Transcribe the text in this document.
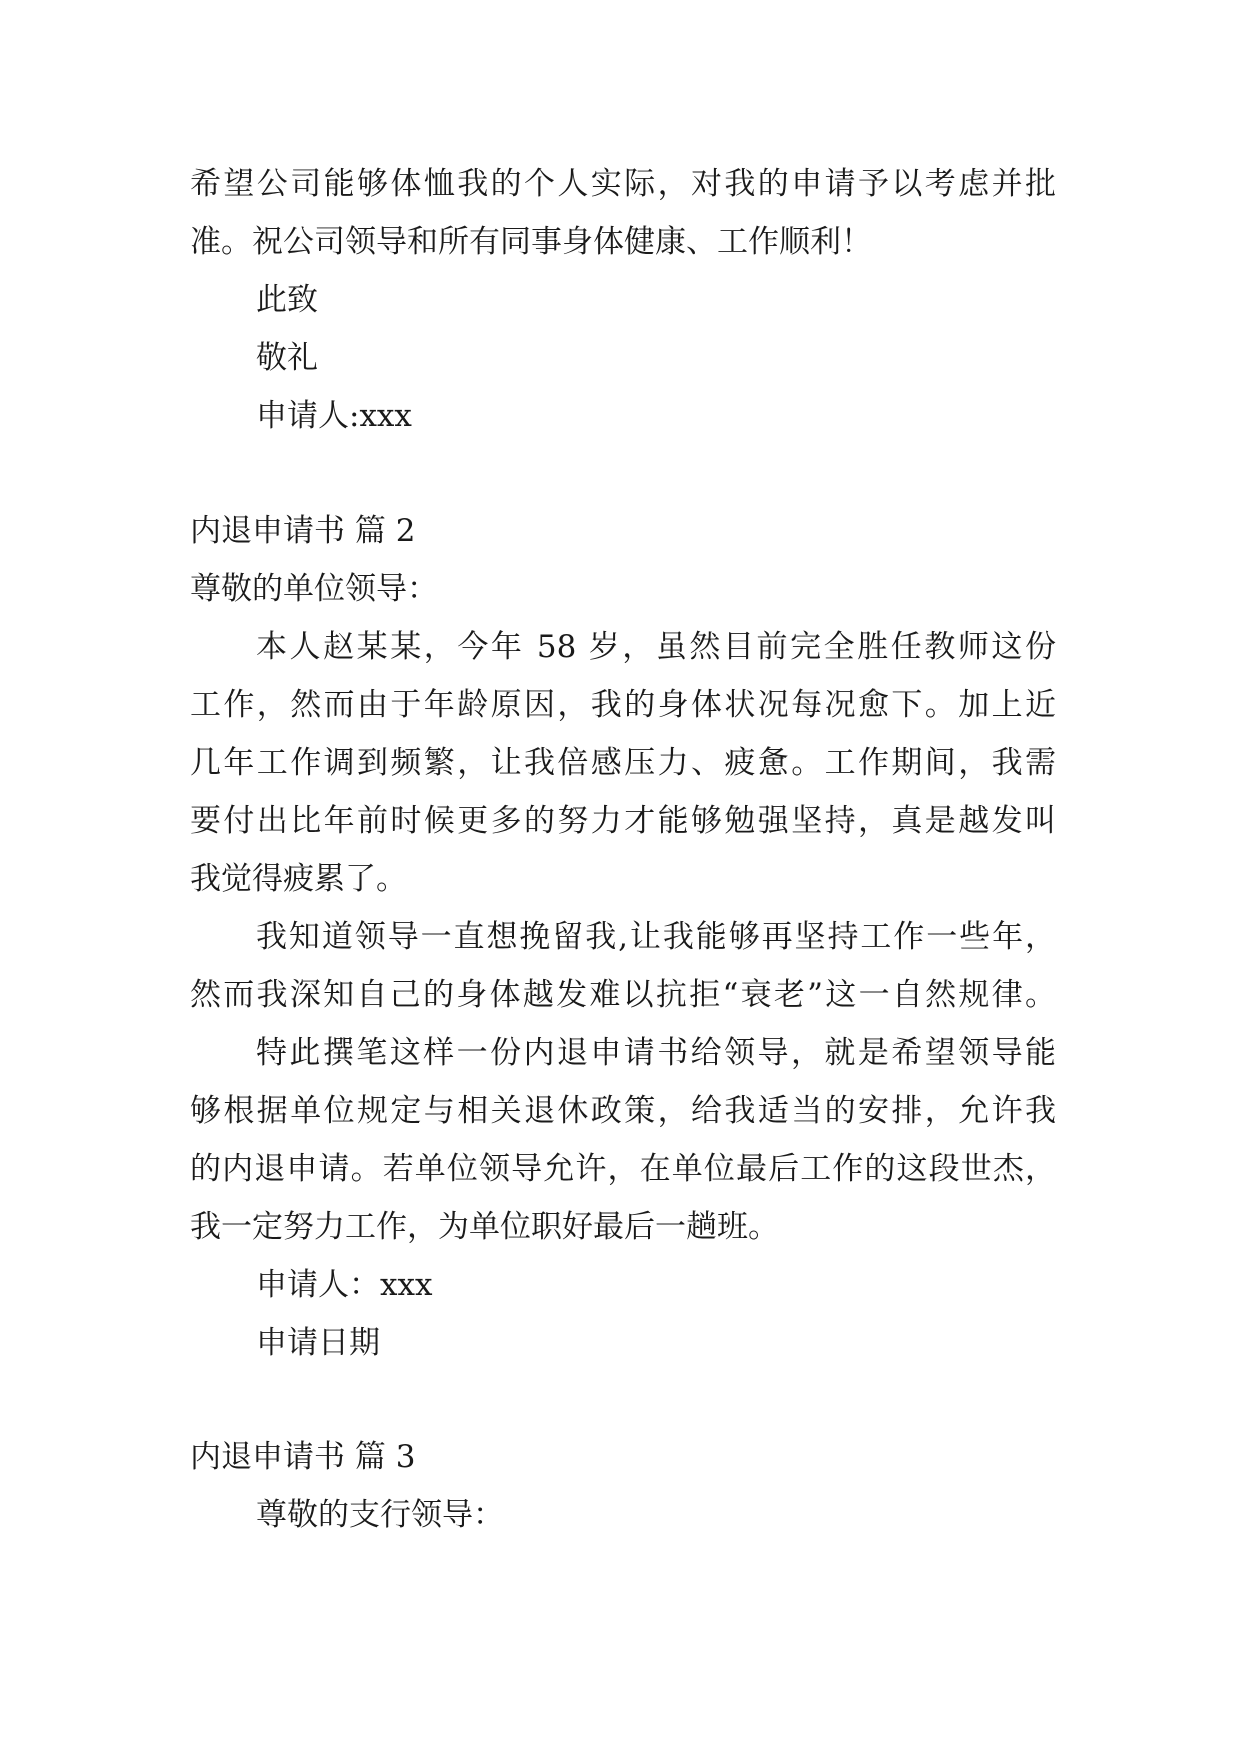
希望公司能够体恤我的个人实际，对我的申请予以考虑并批
准。祝公司领导和所有同事身体健康、工作顺利！
此致
敬礼
申请人:xxx
内退申请书 篇 2
尊敬的单位领导：
本人赵某某，今年 58 岁，虽然目前完全胜任教师这份
工作，然而由于年龄原因，我的身体状况每况愈下。加上近
几年工作调到频繁，让我倍感压力、疲惫。工作期间，我需
要付出比年前时候更多的努力才能够勉强坚持，真是越发叫
我觉得疲累了。
我知道领导一直想挽留我,让我能够再坚持工作一些年，
然而我深知自己的身体越发难以抗拒“衰老”这一自然规律。
特此撰笔这样一份内退申请书给领导，就是希望领导能
够根据单位规定与相关退休政策，给我适当的安排，允许我
的内退申请。若单位领导允许，在单位最后工作的这段世杰，
我一定努力工作，为单位职好最后一趟班。
申请人：xxx
申请日期
内退申请书 篇 3
尊敬的支行领导：
